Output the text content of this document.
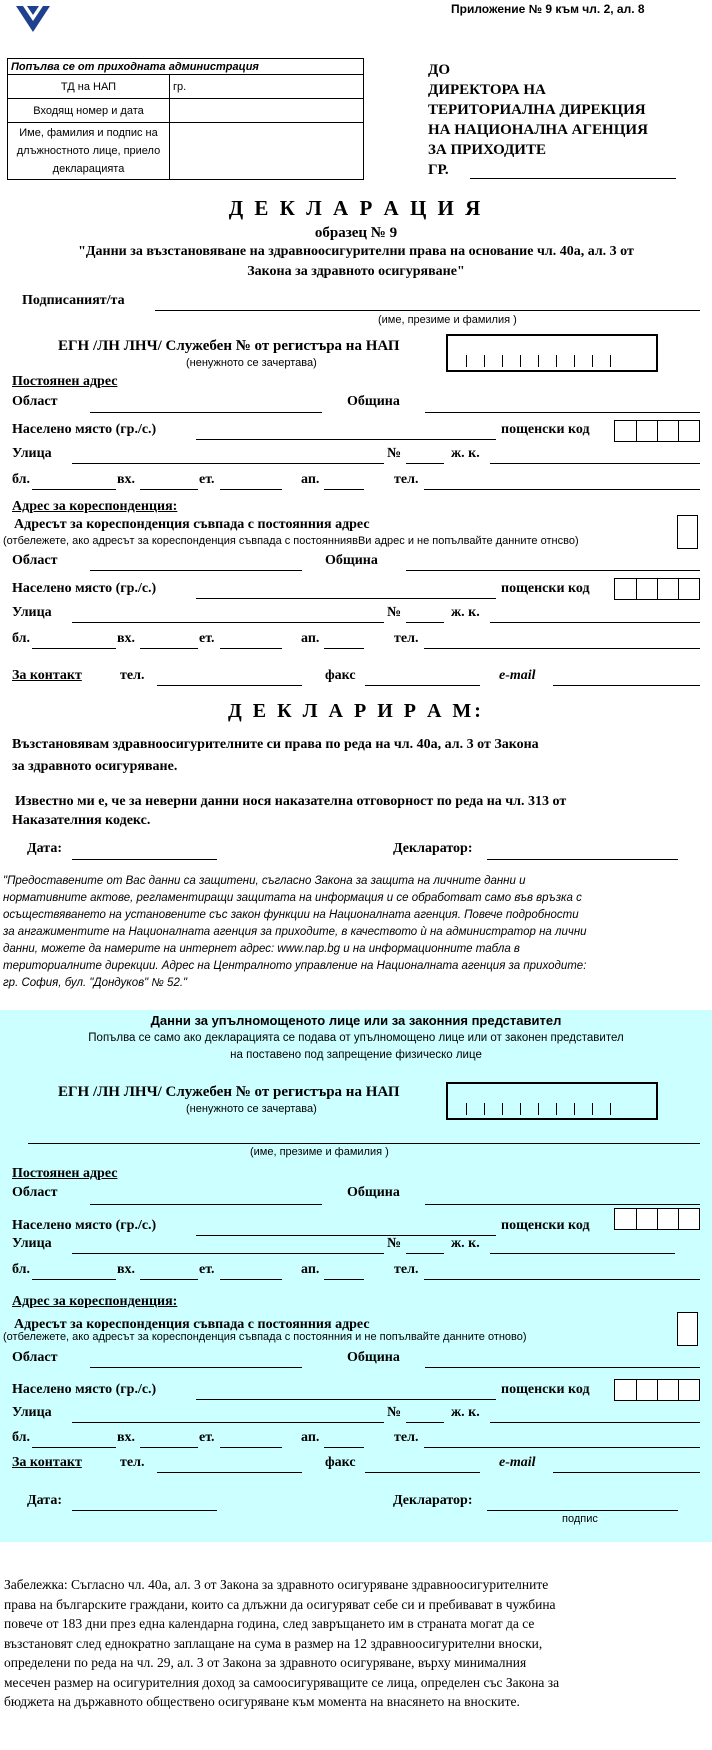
Приложение № 9 към чл. 2, ал. 8
Попълва се от приходната администрация	
ТД на НАП	гр.
Входящ номер и дата	
Име, фамилия и подпис на длъжностното лице, приело декларацията	
ДО
ДИРЕКТОРА НА
ТЕРИТОРИАЛНА ДИРЕКЦИЯ
НА НАЦИОНАЛНА АГЕНЦИЯ
ЗА ПРИХОДИТЕ
ГР.
Д Е К Л А Р А Ц И Я
образец № 9
"Данни за възстановяване на здравноосигурителни права на основание чл. 40а, ал. 3 от
Закона за здравното осигуряване"
Подписаният/та
(име, презиме и фамилия )
ЕГН /ЛН ЛНЧ/ Служебен № от регистъра на НАП
(ненужното се зачертава)
Постоянен адрес
Област	Община
Населено място (гр./с.)	пощенски код
Улица	№	ж. к.
бл.	вх.	ет.	ап.	тел.
Адрес за кореспонденция:
Адресът за кореспонденция съвпада с постоянния адрес
(отбележете, ако адресът за кореспонденция съвпада с постоянниявВи адрес и не попълвайте данните отнсвo)
Област	Община
Населено място (гр./с.)	пощенски код
Улица	№	ж. к.
бл.	вх.	ет.	ап.	тел.
За контакт	тел.	факс	e-mail
Д Е К Л А Р И Р А М:
Възстановявам здравноосигурителните си права по реда на чл. 40а, ал. 3 от Закона
за здравното осигуряване.
Известно ми е, че за неверни данни нося наказателна отговорност по реда на чл. 313 от
Наказателния кодекс.
Дата:	Декларатор:
"Предоставените от Вас данни са защитени, съгласно Закона за защита на личните данни и
нормативните актове, регламентиращи защитата на информация и се обработват само във връзка с
осъществяването на установените със закон функции на Националната агенция. Повече подробности
за ангажиментите на Националната агенция за приходите, в качеството ѝ на администратор на лични
данни, можете да намерите на интернет адрес: www.nap.bg и на информационните табла в
териториалните дирекции. Адрес на Централното управление на Националната агенция за приходите:
гр. София, бул. "Дондуков" № 52."
Данни за упълномощеното лице или за законния представител
Попълва се само ако декларацията се подава от упълномощено лице или от законен представител
на поставено под запрещение физическо лице
ЕГН /ЛН ЛНЧ/ Служебен № от регистъра на НАП
(ненужното се зачертава)
(име, презиме и фамилия )
Постоянен адрес
Област	Община
Населено място (гр./с.)	пощенски код
Улица	№	ж. к.
бл.	вх.	ет.	ап.	тел.
Адрес за кореспонденция:
Адресът за кореспонденция съвпада с постоянния адрес
(отбележете, ако адресът за кореспонденция съвпада с постоянния и не попълвайте данните отново)
Област	Община
Населено място (гр./с.)	пощенски код
Улица	№	ж. к.
бл.	вх.	ет.	ап.	тел.
За контакт	тел.	факс	e-mail
Дата:	Декларатор:
подпис
Забележка: Съгласно чл. 40а, ал. 3 от Закона за здравното осигуряване здравноосигурителните
права на българските граждани, които са длъжни да осигуряват себе си и пребивават в чужбина
повече от 183 дни през една календарна година, след завръщането им в страната могат да се
възстановят след еднократно заплащане на сума в размер на 12 здравноосигурителни вноски,
определени по реда на чл. 29, ал. 3 от Закона за здравното осигуряване, върху минималния
месечен размер на осигурителния доход за самоосигуряващите се лица, определен със Закона за
бюджета на държавното обществено осигуряване към момента на внасянето на вноските.
